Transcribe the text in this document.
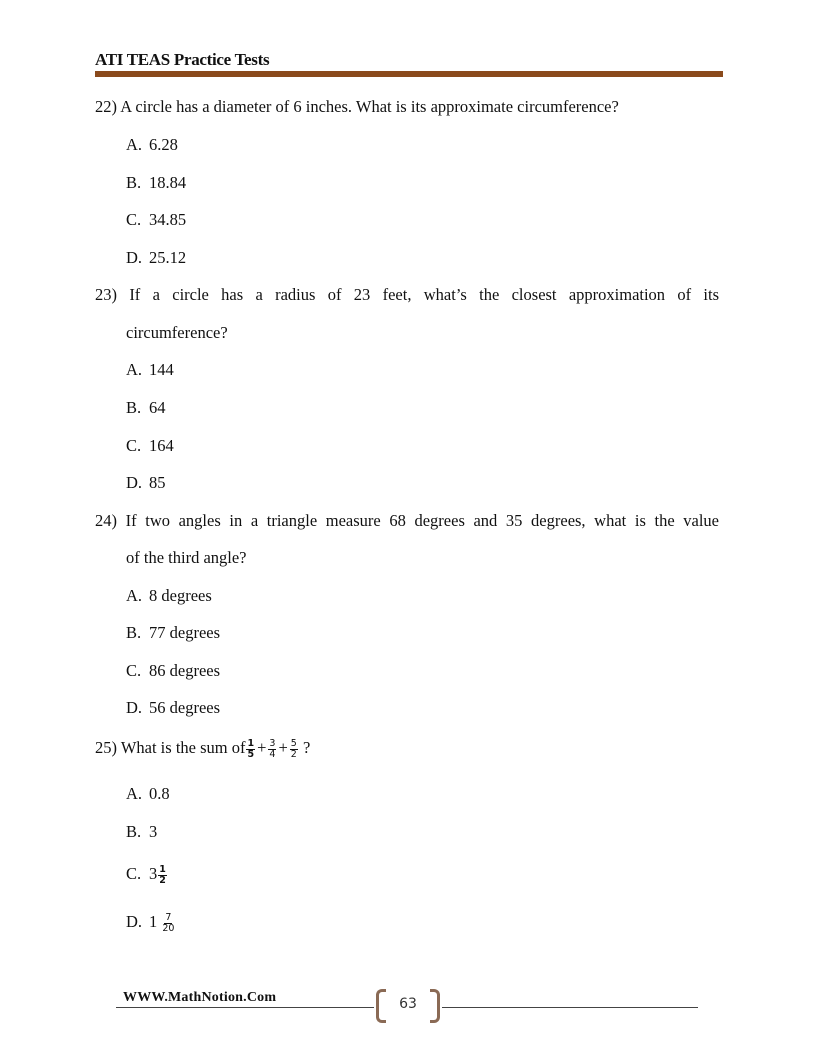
ATI TEAS Practice Tests
22) A circle has a diameter of 6 inches. What is its approximate circumference?
A. 6.28
B. 18.84
C. 34.85
D. 25.12
23) If a circle has a radius of 23 feet, what’s the closest approximation of its
circumference?
A. 144
B. 64
C. 164
D. 85
24) If two angles in a triangle measure 68 degrees and 35 degrees, what is the value
of the third angle?
A. 8 degrees
B. 77 degrees
C. 86 degrees
D. 56 degrees
25) What is the sum of $\frac{1}{5} + \frac{3}{4} + \frac{5}{2}$ ?
A. 0.8
B. 3
C. $3 \frac{1}{2}$
D. $1 \frac{7}{20}$
WWW.MathNotion.Com	63
